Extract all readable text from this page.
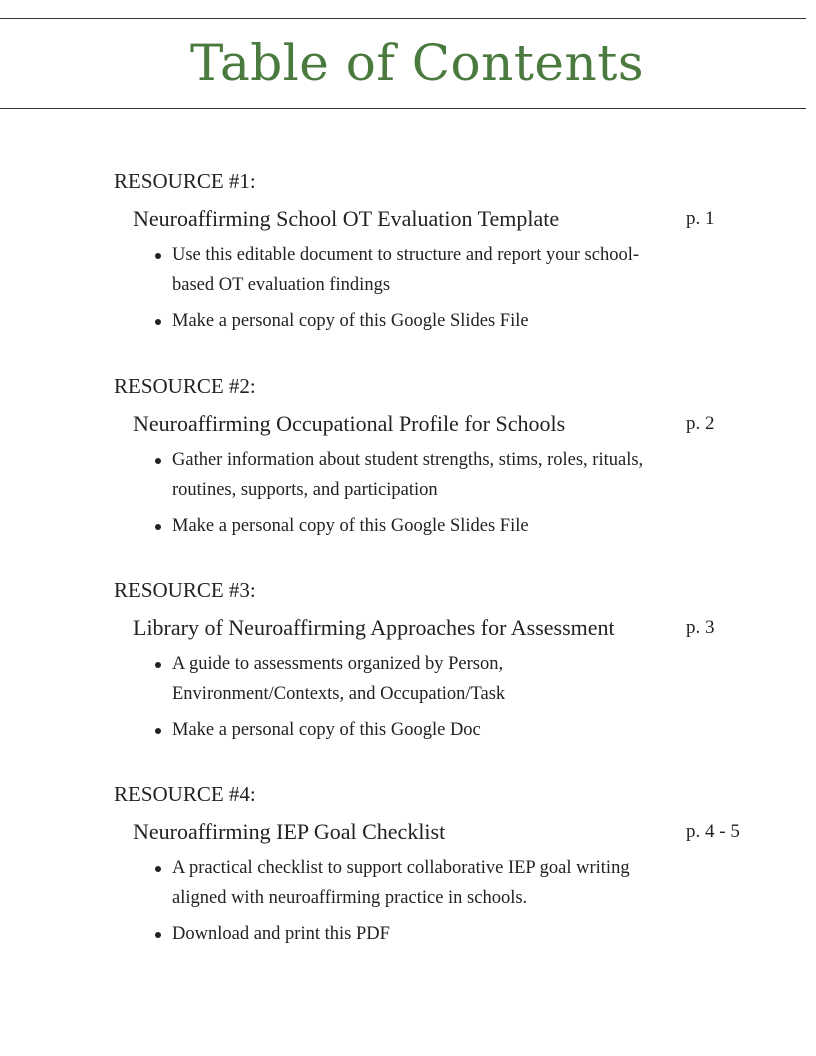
Table of Contents

RESOURCE #1:

Neuroaffirming School OT Evaluation Template	p. 1
Use this editable document to structure and report your school-based OT evaluation findings
Make a personal copy of this Google Slides File

RESOURCE #2:

Neuroaffirming Occupational Profile for Schools	p. 2
Gather information about student strengths, stims, roles, rituals, routines, supports, and participation
Make a personal copy of this Google Slides File

RESOURCE #3:

Library of Neuroaffirming Approaches for Assessment	p. 3
A guide to assessments organized by Person, Environment/Contexts, and Occupation/Task
Make a personal copy of this Google Doc

RESOURCE #4:

Neuroaffirming IEP Goal Checklist	p. 4 - 5
A practical checklist to support collaborative IEP goal writing aligned with neuroaffirming practice in schools.
Download and print this PDF
